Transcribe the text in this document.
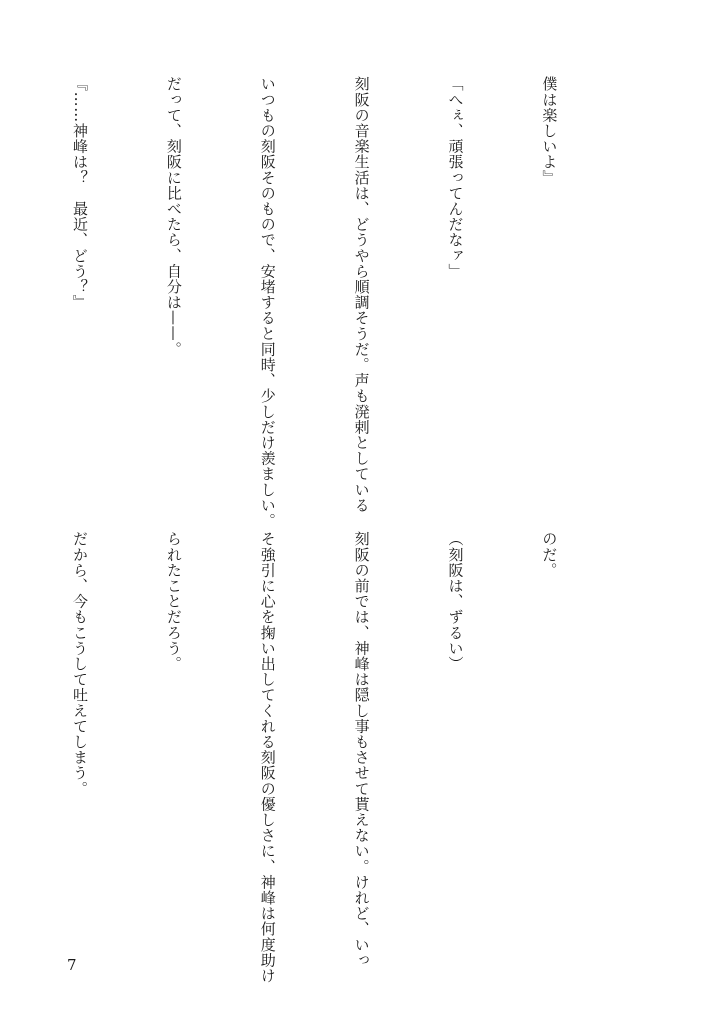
僕は楽しいよ』

「へぇ、頑張ってんだなァ」

刻阪の音楽生活は、どうやら順調そうだ。声も溌剌としている

いつもの刻阪そのもので、安堵すると同時、少しだけ羨ましい。

だって、刻阪に比べたら、自分は——。

『……神峰は？　最近、どう？』

のだ。

（刻阪は、ずるい）

刻阪の前では、神峰は隠し事もさせて貰えない。けれど、いっ

そ強引に心を掬い出してくれる刻阪の優しさに、神峰は何度助け

られたことだろう。

だから、今もこうして吐えてしまう。

7
